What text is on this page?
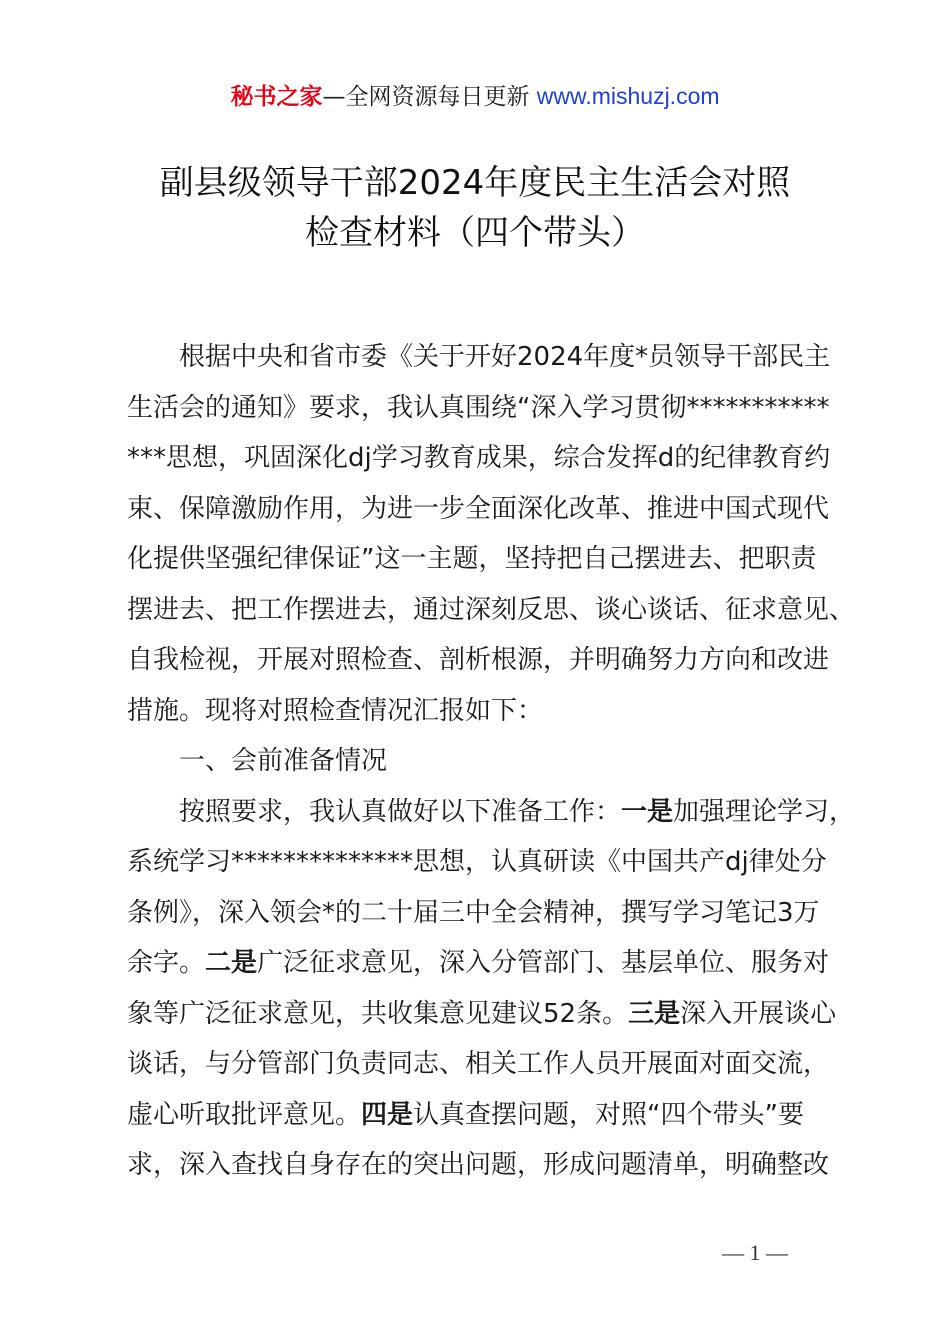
秘书之家—全网资源每日更新 www.mishuzj.com
副县级领导干部2024年度民主生活会对照
检查材料（四个带头）
根据中央和省市委《关于开好2024年度*员领导干部民主
生活会的通知》要求，我认真围绕“深入学习贯彻***********
***思想，巩固深化dj学习教育成果，综合发挥d的纪律教育约
束、保障激励作用，为进一步全面深化改革、推进中国式现代
化提供坚强纪律保证”这一主题，坚持把自己摆进去、把职责
摆进去、把工作摆进去，通过深刻反思、谈心谈话、征求意见、
自我检视，开展对照检查、剖析根源，并明确努力方向和改进
措施。现将对照检查情况汇报如下：
一、会前准备情况
按照要求，我认真做好以下准备工作：一是加强理论学习，
系统学习**************思想，认真研读《中国共产dj律处分
条例》，深入领会*的二十届三中全会精神，撰写学习笔记3万
余字。二是广泛征求意见，深入分管部门、基层单位、服务对
象等广泛征求意见，共收集意见建议52条。三是深入开展谈心
谈话，与分管部门负责同志、相关工作人员开展面对面交流，
虚心听取批评意见。四是认真查摆问题，对照“四个带头”要
求，深入查找自身存在的突出问题，形成问题清单，明确整改
— 1 —
